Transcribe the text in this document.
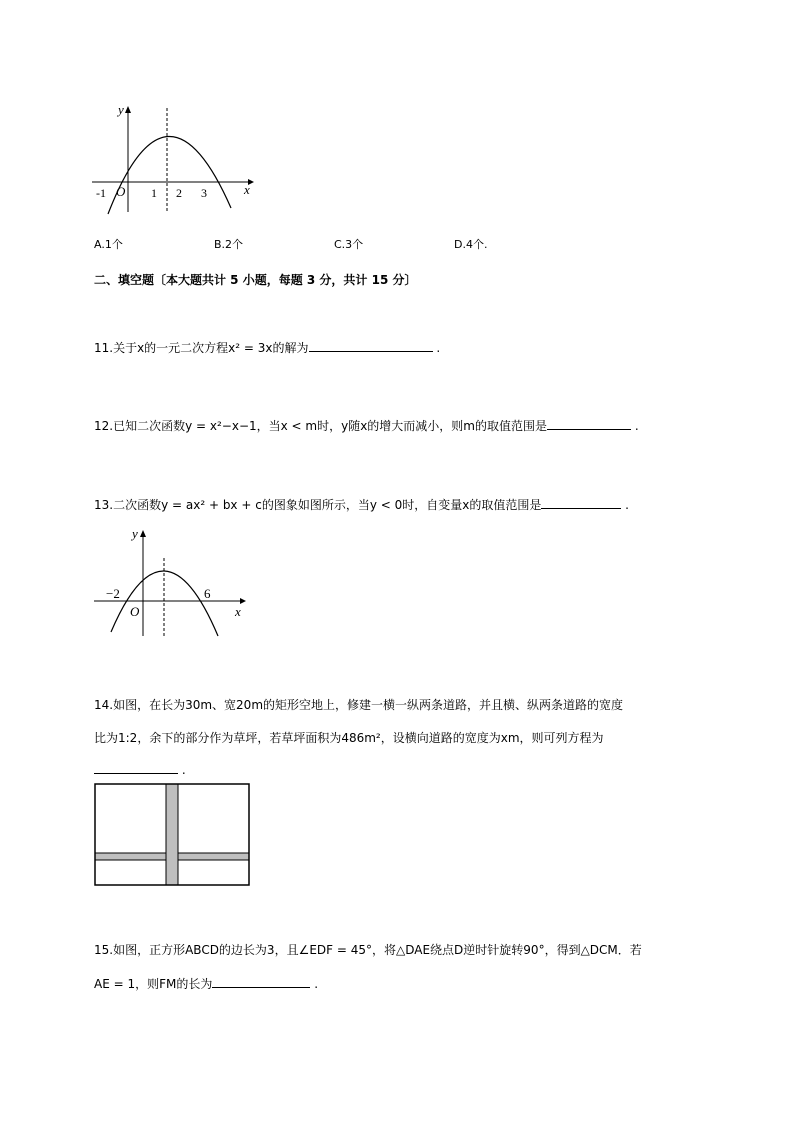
y
x
O
-1	1 2 3
A.1个	B.2个	C.3个	D.4个.
二、填空题〔本大题共计 5 小题，每题 3 分，共计 15 分〕
11.关于x的一元二次方程x² = 3x的解为	.
12.已知二次函数y = x²−x−1，当x < m时，y随x的增大而减小，则m的取值范围是	.
13.二次函数y = ax² + bx + c的图象如图所示，当y < 0时，自变量x的取值范围是	.
y
x
O
−2	6
14.如图，在长为30m、宽20m的矩形空地上，修建一横一纵两条道路，并且横、纵两条道路的宽度
比为1:2，余下的部分作为草坪，若草坪面积为486m²，设横向道路的宽度为xm，则可列方程为
.
15.如图，正方形ABCD的边长为3，且∠EDF = 45°，将△DAE绕点D逆时针旋转90°，得到△DCM．若
AE = 1，则FM的长为	.
